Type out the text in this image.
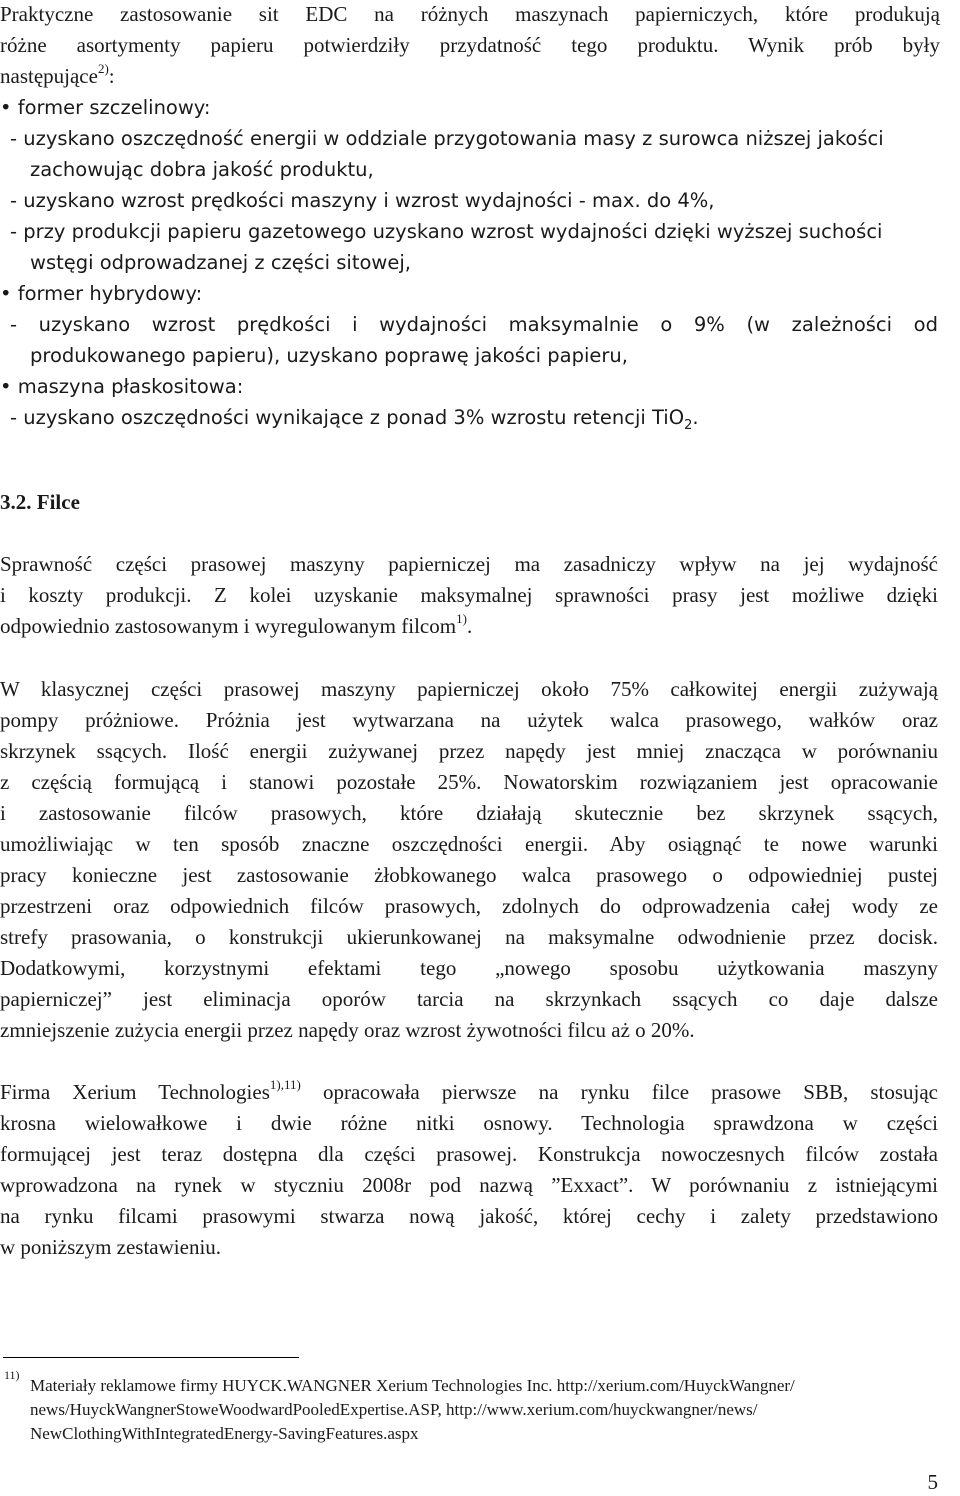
Praktyczne zastosowanie sit EDC na różnych maszynach papierniczych, które produkują
różne asortymenty papieru potwierdziły przydatność tego produktu. Wynik prób były
następujące$^{2)}$:
• former szczelinowy:
- uzyskano oszczędność energii w oddziale przygotowania masy z surowca niższej jakości
zachowując dobra jakość produktu,
- uzyskano wzrost prędkości maszyny i wzrost wydajności - max. do 4%,
- przy produkcji papieru gazetowego uzyskano wzrost wydajności dzięki wyższej suchości
wstęgi odprowadzanej z części sitowej,
• former hybrydowy:
- uzyskano wzrost prędkości i wydajności maksymalnie o 9% (w zależności od
produkowanego papieru), uzyskano poprawę jakości papieru,
• maszyna płaskositowa:
- uzyskano oszczędności wynikające z ponad 3% wzrostu retencji TiO$_2$.
3.2. Filce
Sprawność części prasowej maszyny papierniczej ma zasadniczy wpływ na jej wydajność
i koszty produkcji. Z kolei uzyskanie maksymalnej sprawności prasy jest możliwe dzięki
odpowiednio zastosowanym i wyregulowanym filcom$^{1)}$.
W klasycznej części prasowej maszyny papierniczej około 75% całkowitej energii zużywają
pompy próżniowe. Próżnia jest wytwarzana na użytek walca prasowego, wałków oraz
skrzynek ssących. Ilość energii zużywanej przez napędy jest mniej znacząca w porównaniu
z częścią formującą i stanowi pozostałe 25%. Nowatorskim rozwiązaniem jest opracowanie
i zastosowanie filców prasowych, które działają skutecznie bez skrzynek ssących,
umożliwiając w ten sposób znaczne oszczędności energii. Aby osiągnąć te nowe warunki
pracy konieczne jest zastosowanie żłobkowanego walca prasowego o odpowiedniej pustej
przestrzeni oraz odpowiednich filców prasowych, zdolnych do odprowadzenia całej wody ze
strefy prasowania, o konstrukcji ukierunkowanej na maksymalne odwodnienie przez docisk.
Dodatkowymi, korzystnymi efektami tego „nowego sposobu użytkowania maszyny
papierniczej” jest eliminacja oporów tarcia na skrzynkach ssących co daje dalsze
zmniejszenie zużycia energii przez napędy oraz wzrost żywotności filcu aż o 20%.
Firma Xerium Technologies$^{1),11)}$ opracowała pierwsze na rynku filce prasowe SBB, stosując
krosna wielowałkowe i dwie różne nitki osnowy. Technologia sprawdzona w części
formującej jest teraz dostępna dla części prasowej. Konstrukcja nowoczesnych filców została
wprowadzona na rynek w styczniu 2008r pod nazwą ”Exxact”. W porównaniu z istniejącymi
na rynku filcami prasowymi stwarza nową jakość, której cechy i zalety przedstawiono
w poniższym zestawieniu.
11)
Materiały reklamowe firmy HUYCK.WANGNER Xerium Technologies Inc. http://xerium.com/HuyckWangner/
news/HuyckWangnerStoweWoodwardPooledExpertise.ASP, http://www.xerium.com/huyckwangner/news/
NewClothingWithIntegratedEnergy-SavingFeatures.aspx
5
